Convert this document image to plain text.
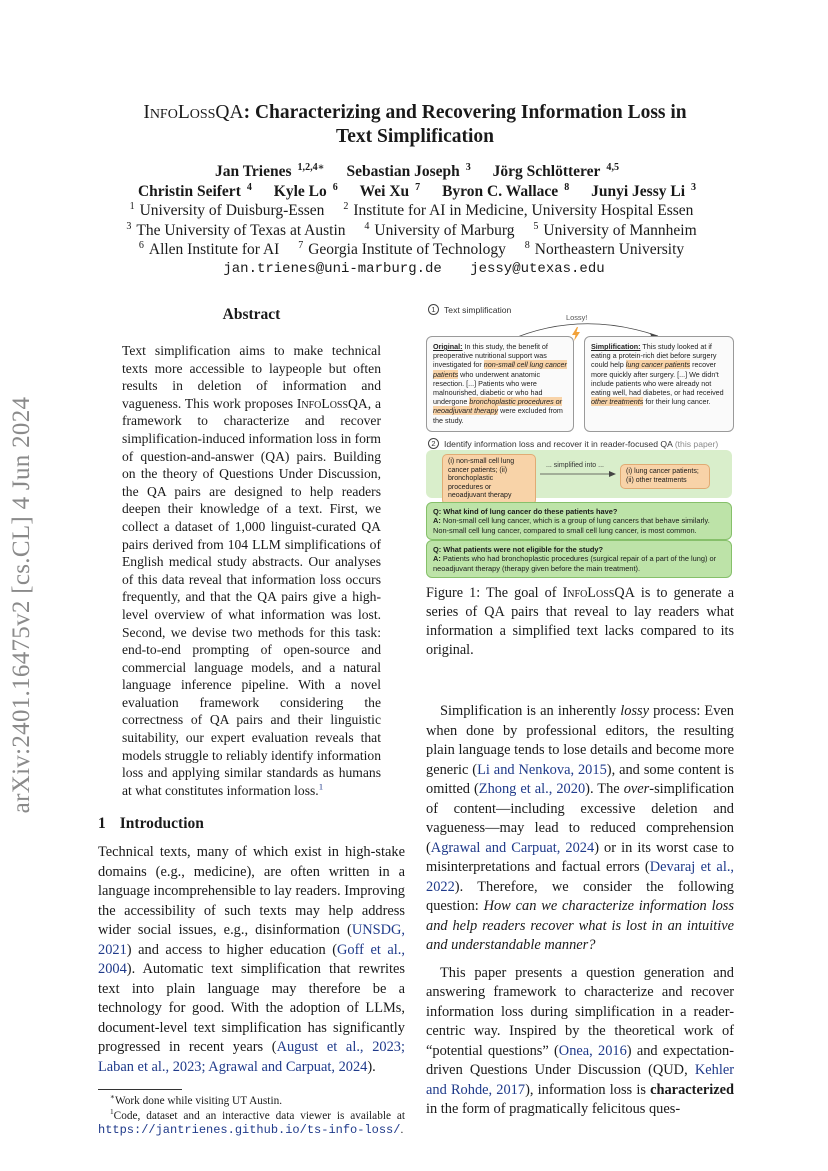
arXiv:2401.16475v2 [cs.CL] 4 Jun 2024
InfoLossQA: Characterizing and Recovering Information Loss in
Text Simplification
Jan Trienes $^{1,2,4∗}$ Sebastian Joseph $^3$ Jörg Schlötterer $^{4,5}$
Christin Seifert $^4$ Kyle Lo $^6$ Wei Xu $^7$ Byron C. Wallace $^8$ Junyi Jessy Li $^3$
$^1$ University of Duisburg-Essen $^2$ Institute for AI in Medicine, University Hospital Essen
$^3$ The University of Texas at Austin $^4$ University of Marburg $^5$ University of Mannheim
$^6$ Allen Institute for AI $^7$ Georgia Institute of Technology $^8$ Northeastern University
jan.trienes@uni-marburg.de jessy@utexas.edu
Abstract
Text simplification aims to make technical texts more accessible to laypeople but often results in deletion of information and vagueness. This work proposes InfoLossQA, a framework to characterize and recover simplification-induced information loss in form of question-and-answer (QA) pairs. Building on the theory of Questions Under Discussion, the QA pairs are designed to help readers deepen their knowledge of a text. First, we collect a dataset of 1,000 linguist-curated QA pairs derived from 104 LLM simplifications of English medical study abstracts. Our analyses of this data reveal that information loss occurs frequently, and that the QA pairs give a high-level overview of what information was lost. Second, we devise two methods for this task: end-to-end prompting of open-source and commercial language models, and a natural language inference pipeline. With a novel evaluation framework considering the correctness of QA pairs and their linguistic suitability, our expert evaluation reveals that models struggle to reliably identify information loss and applying similar standards as humans at what constitutes information loss.$^1$
1 Introduction
Technical texts, many of which exist in high-stake domains (e.g., medicine), are often written in a language incomprehensible to lay readers. Improving the accessibility of such texts may help address wider social issues, e.g., disinformation (UNSDG, 2021) and access to higher education (Goff et al., 2004). Automatic text simplification that rewrites text into plain language may therefore be a technology for good. With the adoption of LLMs, document-level text simplification has significantly progressed in recent years (August et al., 2023; Laban et al., 2023; Agrawal and Carpuat, 2024).
∗Work done while visiting UT Austin.
$^1$Code, dataset and an interactive data viewer is available at https://jantrienes.github.io/ts-info-loss/.
1 Text simplification
Lossy!
Original: In this study, the benefit of preoperative nutritional support was investigated for non-small cell lung cancer patients who underwent anatomic resection. [...] Patients who were malnourished, diabetic or who had undergone bronchoplastic procedures or neoadjuvant therapy were excluded from the study.
Simplification: This study looked at if eating a protein-rich diet before surgery could help lung cancer patients recover more quickly after surgery. [...] We didn't include patients who were already not eating well, had diabetes, or had received other treatments for their lung cancer.
2 Identify information loss and recover it in reader-focused QA (this paper)
(i) non-small cell lung cancer patients; (ii) bronchoplastic procedures or neoadjuvant therapy
... simplified into ...
(i) lung cancer patients; (ii) other treatments
Q: What kind of lung cancer do these patients have?
A: Non-small cell lung cancer, which is a group of lung cancers that behave similarly. Non-small cell lung cancer, compared to small cell lung cancer, is most common.
Q: What patients were not eligible for the study?
A: Patients who had bronchoplastic procedures (surgical repair of a part of the lung) or neoadjuvant therapy (therapy given before the main treatment).
Figure 1: The goal of InfoLossQA is to generate a series of QA pairs that reveal to lay readers what information a simplified text lacks compared to its original.
Simplification is an inherently lossy process: Even when done by professional editors, the resulting plain language tends to lose details and become more generic (Li and Nenkova, 2015), and some content is omitted (Zhong et al., 2020). The over-simplification of content—including excessive deletion and vagueness—may lead to reduced comprehension (Agrawal and Carpuat, 2024) or in its worst case to misinterpretations and factual errors (Devaraj et al., 2022). Therefore, we consider the following question: How can we characterize information loss and help readers recover what is lost in an intuitive and understandable manner?
This paper presents a question generation and answering framework to characterize and recover information loss during simplification in a reader-centric way. Inspired by the theoretical work of “potential questions” (Onea, 2016) and expectation-driven Questions Under Discussion (QUD, Kehler and Rohde, 2017), information loss is characterized in the form of pragmatically felicitous ques-
